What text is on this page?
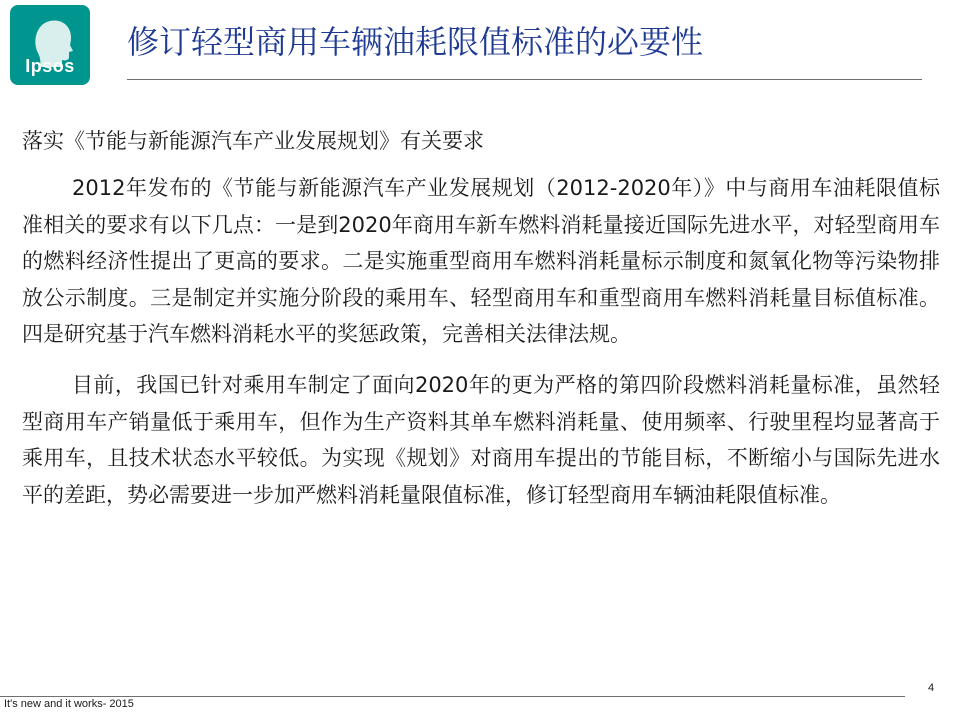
Ipsos
修订轻型商用车辆油耗限值标准的必要性
落实《节能与新能源汽车产业发展规划》有关要求

2012年发布的《节能与新能源汽车产业发展规划（2012-2020年）》中与商用车油耗限值标准相关的要求有以下几点：一是到2020年商用车新车燃料消耗量接近国际先进水平，对轻型商用车的燃料经济性提出了更高的要求。二是实施重型商用车燃料消耗量标示制度和氮氧化物等污染物排放公示制度。三是制定并实施分阶段的乘用车、轻型商用车和重型商用车燃料消耗量目标值标准。四是研究基于汽车燃料消耗水平的奖惩政策，完善相关法律法规。

目前，我国已针对乘用车制定了面向2020年的更为严格的第四阶段燃料消耗量标准，虽然轻型商用车产销量低于乘用车，但作为生产资料其单车燃料消耗量、使用频率、行驶里程均显著高于乘用车，且技术状态水平较低。为实现《规划》对商用车提出的节能目标，不断缩小与国际先进水平的差距，势必需要进一步加严燃料消耗量限值标准，修订轻型商用车辆油耗限值标准。

It's new and it works- 2015
4
